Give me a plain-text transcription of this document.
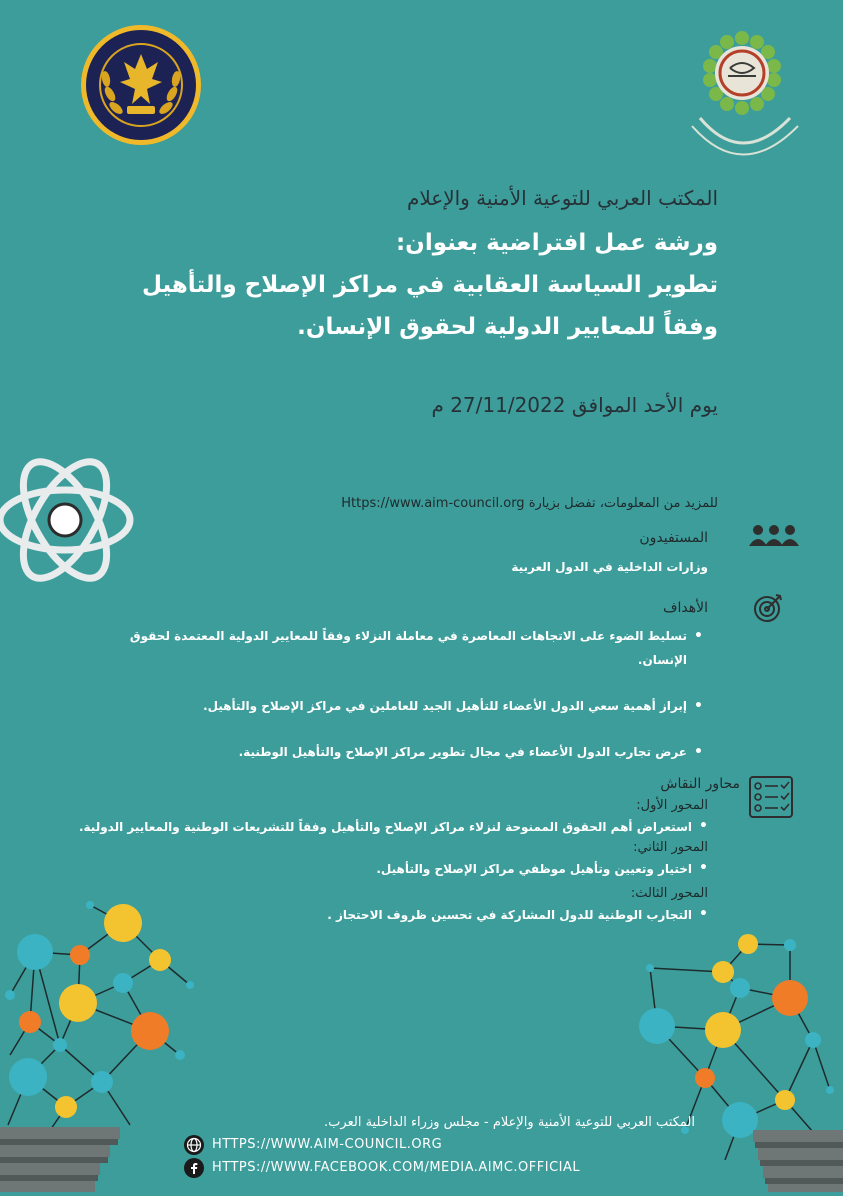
المكتب العربي للتوعية الأمنية والإعلام
ورشة عمل افتراضية بعنوان:
تطوير السياسة العقابية في مراكز الإصلاح والتأهيل
وفقاً للمعايير الدولية لحقوق الإنسان.
يوم الأحد الموافق 27/11/2022 م
للمزيد من المعلومات، تفضل بزيارة Https://www.aim-council.org
المستفيدون
وزارات الداخلية في الدول العربية
الأهداف
• تسليط الضوء على الاتجاهات المعاصرة في معاملة النزلاء وفقاً للمعايير الدولية المعتمدة لحقوق الإنسان.
• إبراز أهمية سعي الدول الأعضاء للتأهيل الجيد للعاملين في مراكز الإصلاح والتأهيل.
• عرض تجارب الدول الأعضاء في مجال تطوير مراكز الإصلاح والتأهيل الوطنية.
محاور النقاش
المحور الأول:
• استعراض أهم الحقوق الممنوحة لنزلاء مراكز الإصلاح والتأهيل وفقاً للتشريعات الوطنية والمعايير الدولية.
المحور الثاني:
• اختيار وتعيين وتأهيل موظفي مراكز الإصلاح والتأهيل.
المحور الثالث:
• التجارب الوطنية للدول المشاركة في تحسين ظروف الاحتجاز .
المكتب العربي للتوعية الأمنية والإعلام - مجلس وزراء الداخلية العرب.
HTTPS://WWW.AIM-COUNCIL.ORG
HTTPS://WWW.FACEBOOK.COM/MEDIA.AIMC.OFFICIAL
